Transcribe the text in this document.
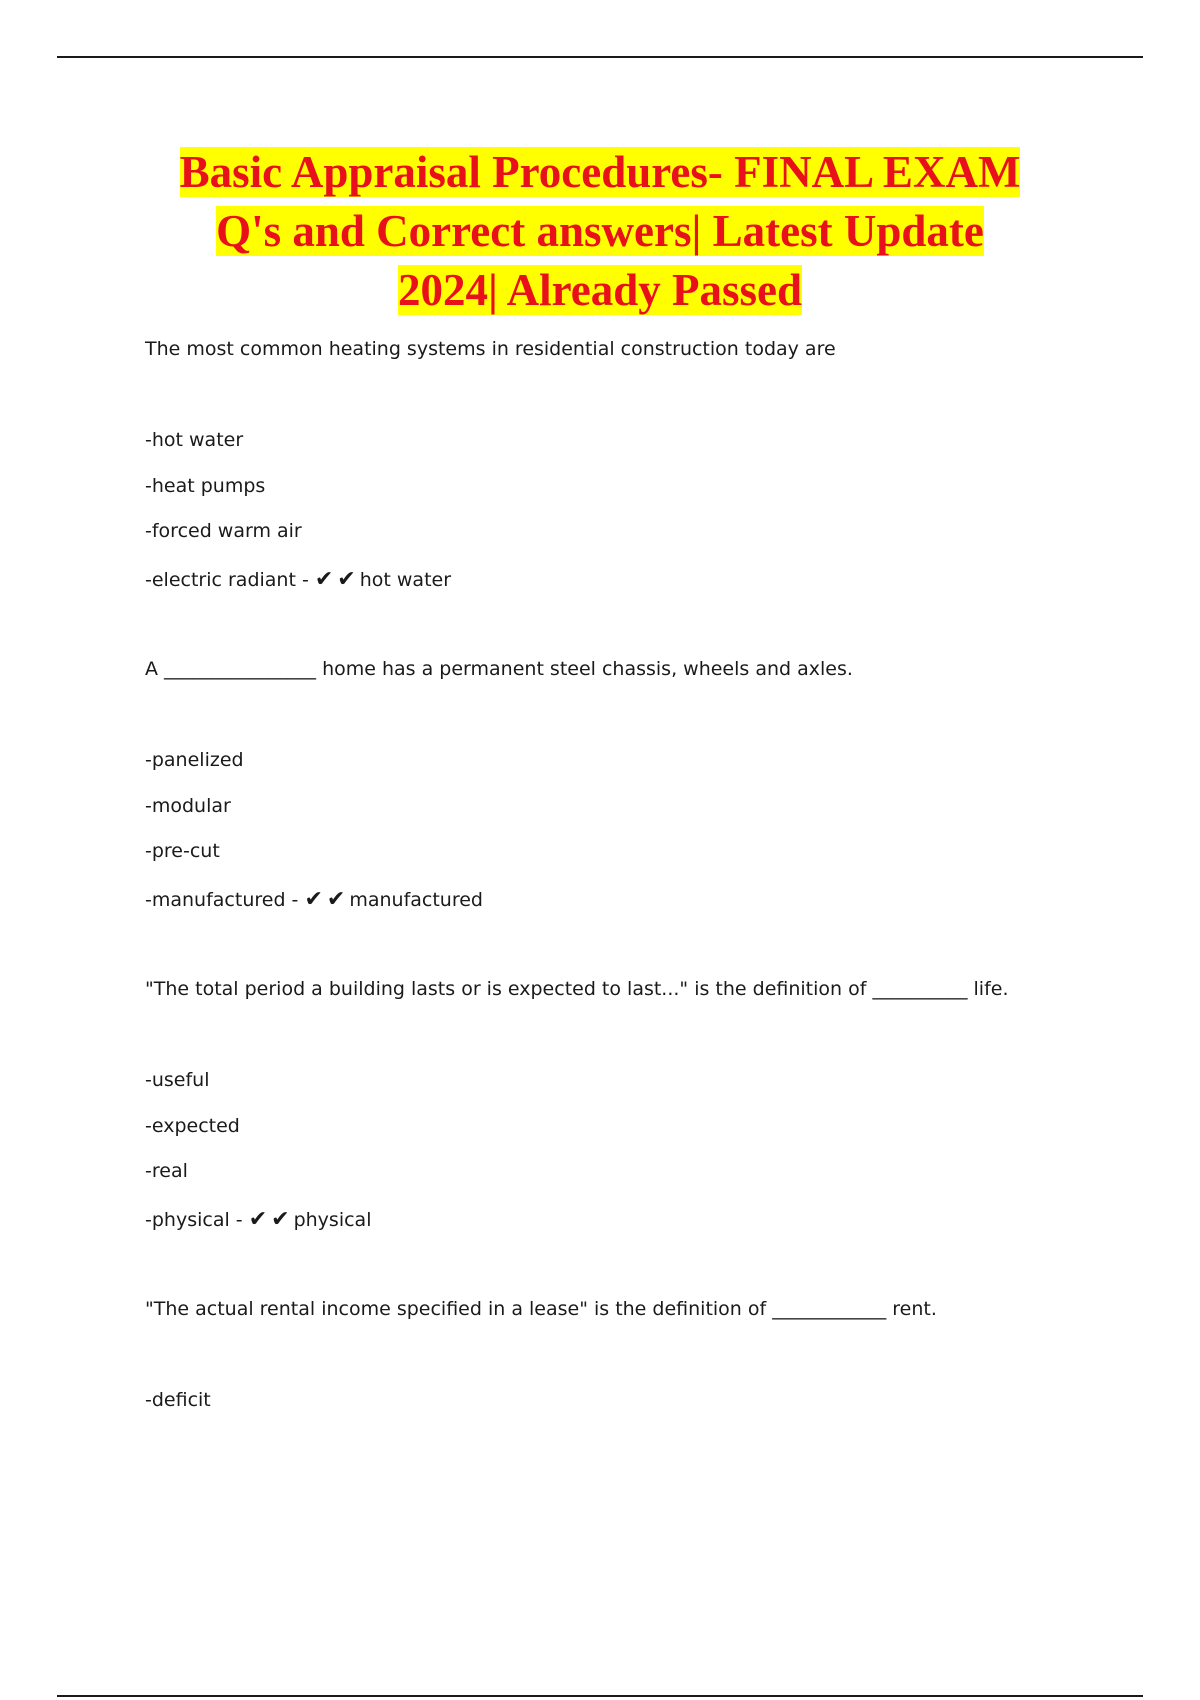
Basic Appraisal Procedures- FINAL EXAM
Q's and Correct answers| Latest Update
2024| Already Passed

The most common heating systems in residential construction today are

-hot water

-heat pumps

-forced warm air

-electric radiant - ✔✔hot water

A ________________ home has a permanent steel chassis, wheels and axles.

-panelized

-modular

-pre-cut

-manufactured - ✔✔manufactured

"The total period a building lasts or is expected to last..." is the definition of __________ life.

-useful

-expected

-real

-physical - ✔✔physical

"The actual rental income specified in a lease" is the definition of ____________ rent.

-deficit
